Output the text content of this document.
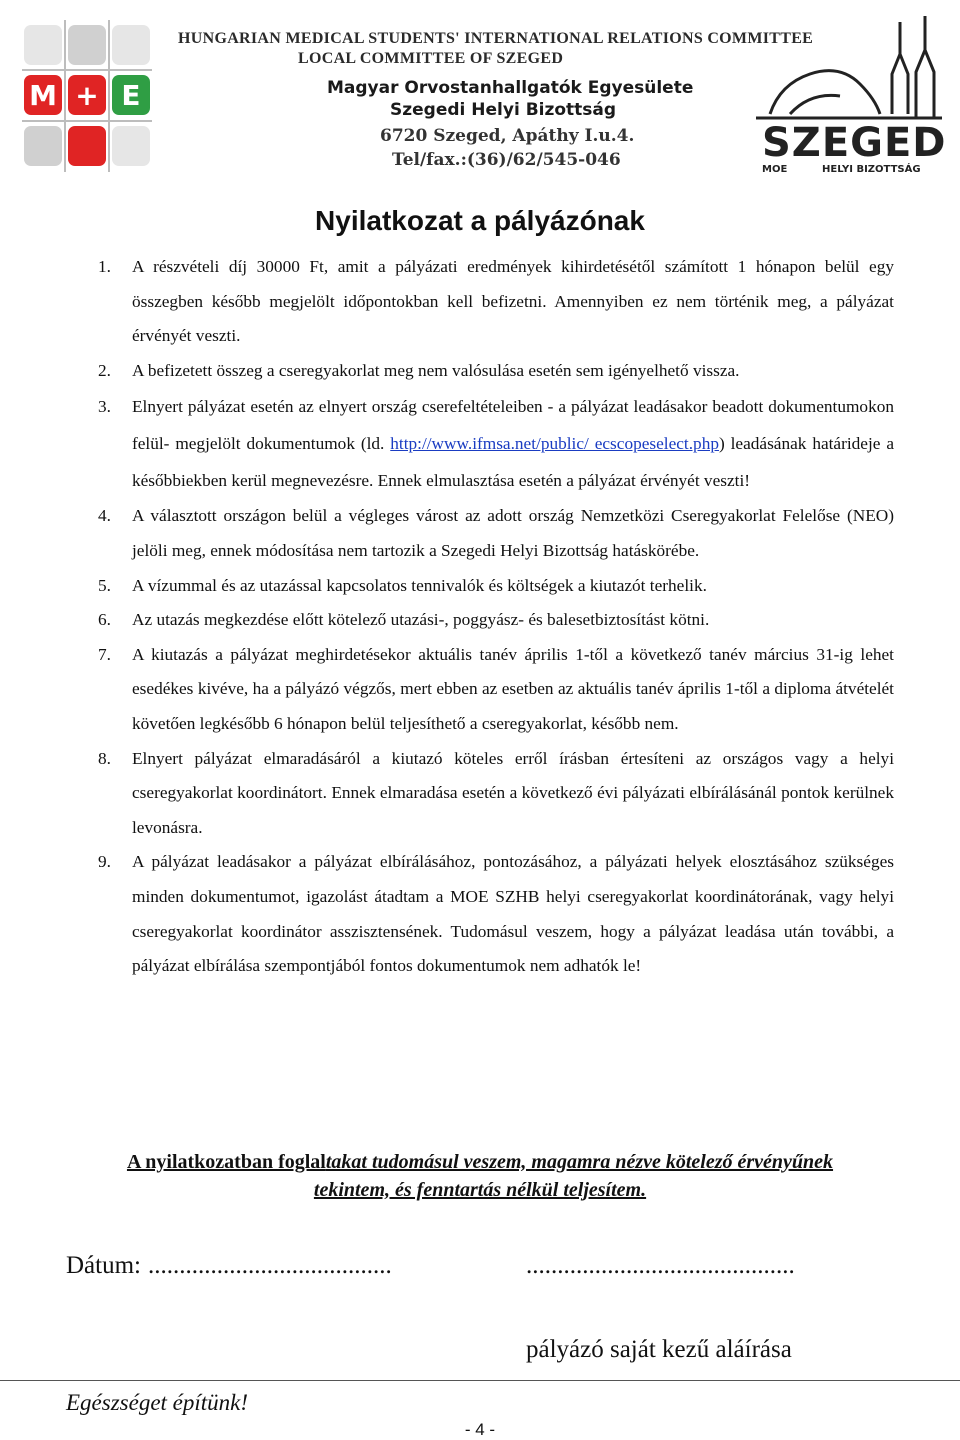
M + E
HUNGARIAN MEDICAL STUDENTS' INTERNATIONAL RELATIONS COMMITTEE
LOCAL COMMITTEE OF SZEGED
Magyar Orvostanhallgatók Egyesülete
Szegedi Helyi Bizottság
6720 Szeged, Apáthy I.u.4.
Tel/fax.:(36)/62/545-046	SZEGED
MOE	HELYI BIZOTTSÁG
Nyilatkozat a pályázónak
1. A részvételi díj 30000 Ft, amit a pályázati eredmények kihirdetésétől számított 1 hónapon belül egy összegben később megjelölt időpontokban kell befizetni. Amennyiben ez nem történik meg, a pályázat érvényét veszti.
2. A befizetett összeg a cseregyakorlat meg nem valósulása esetén sem igényelhető vissza.
3. Elnyert pályázat esetén az elnyert ország cserefeltételeiben - a pályázat leadásakor beadott dokumentumokon felül- megjelölt dokumentumok (ld. http://www.ifmsa.net/public/ ecscopeselect.php) leadásának határideje a későbbiekben kerül megnevezésre. Ennek elmulasztása esetén a pályázat érvényét veszti!
4. A választott országon belül a végleges várost az adott ország Nemzetközi Cseregyakorlat Felelőse (NEO) jelöli meg, ennek módosítása nem tartozik a Szegedi Helyi Bizottság hatáskörébe.
5. A vízummal és az utazással kapcsolatos tennivalók és költségek a kiutazót terhelik.
6. Az utazás megkezdése előtt kötelező utazási-, poggyász- és balesetbiztosítást kötni.
7. A kiutazás a pályázat meghirdetésekor aktuális tanév április 1-től a következő tanév március 31-ig lehet esedékes kivéve, ha a pályázó végzős, mert ebben az esetben az aktuális tanév április 1-től a diploma átvételét követően legkésőbb 6 hónapon belül teljesíthető a cseregyakorlat, később nem.
8. Elnyert pályázat elmaradásáról a kiutazó köteles erről írásban értesíteni az országos vagy a helyi cseregyakorlat koordinátort. Ennek elmaradása esetén a következő évi pályázati elbírálásánál pontok kerülnek levonásra.
9. A pályázat leadásakor a pályázat elbírálásához, pontozásához, a pályázati helyek elosztásához szükséges minden dokumentumot, igazolást átadtam a MOE SZHB helyi cseregyakorlat koordinátorának, vagy helyi cseregyakorlat koordinátor asszisztensének. Tudomásul veszem, hogy a pályázat leadása után további, a pályázat elbírálása szempontjából fontos dokumentumok nem adhatók le!
A nyilatkozatban foglaltakat tudomásul veszem, magamra nézve kötelező érvényűnek tekintem, és fenntartás nélkül teljesítem.
Dátum: .......................................	...........................................
pályázó saját kezű aláírása
Egészséget építünk!
- 4 -
